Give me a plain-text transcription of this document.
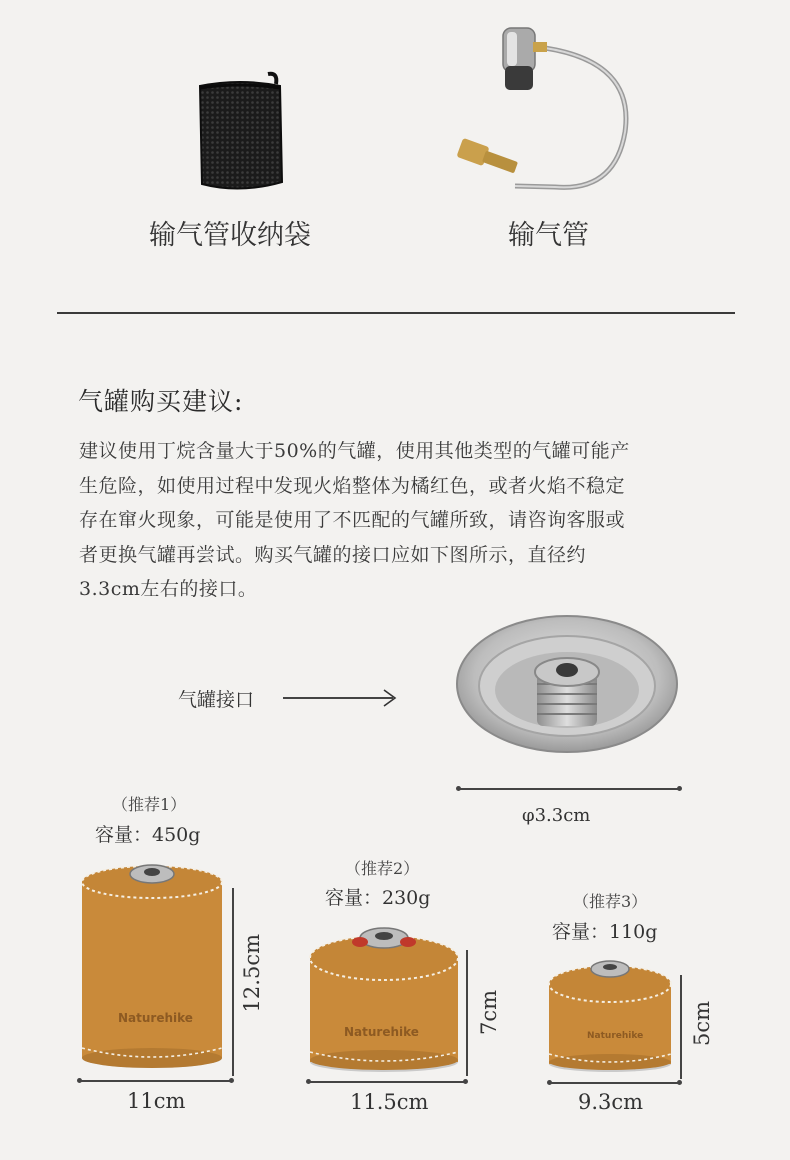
输气管收纳袋	输气管
气罐购买建议:
建议使用丁烷含量大于50%的气罐，使用其他类型的气罐可能产
生危险，如使用过程中发现火焰整体为橘红色，或者火焰不稳定
存在窜火现象，可能是使用了不匹配的气罐所致，请咨询客服或
者更换气罐再尝试。购买气罐的接口应如下图所示，直径约
3.3cm左右的接口。
气罐接口
φ3.3cm
（推荐1）
容量：450g
Naturehike
12.5cm
11cm
（推荐2）
容量：230g
Naturehike	7cm
11.5cm
（推荐3）
容量：110g
Naturehike 5cm
9.3cm
